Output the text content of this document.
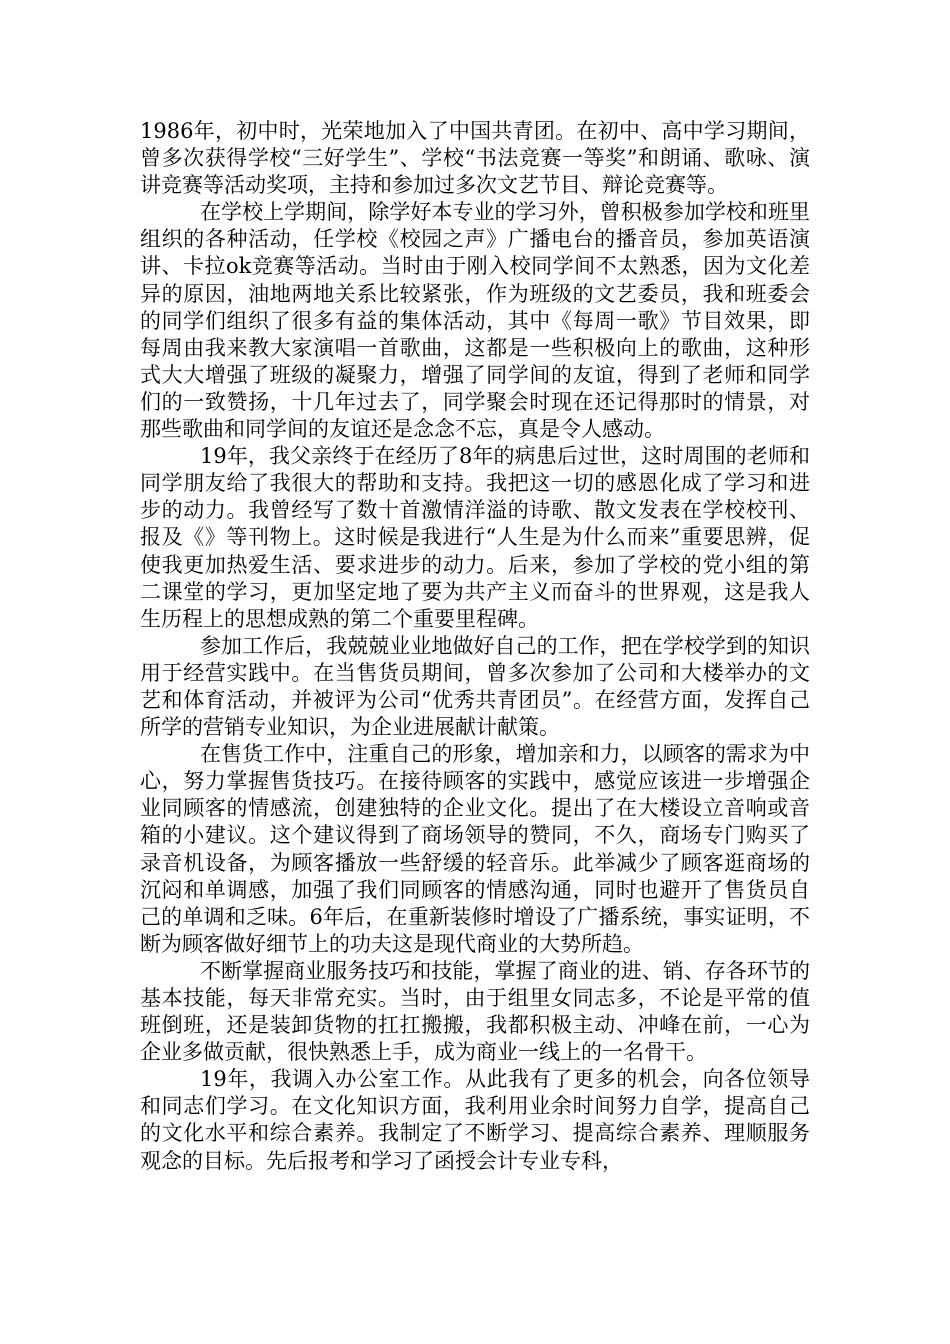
1986年，初中时，光荣地加入了中国共青团。在初中、高中学习期间，曾多次获得学校“三好学生”、学校“书法竞赛一等奖”和朗诵、歌咏、演讲竞赛等活动奖项，主持和参加过多次文艺节目、辩论竞赛等。

在学校上学期间，除学好本专业的学习外，曾积极参加学校和班里组织的各种活动，任学校《校园之声》广播电台的播音员，参加英语演讲、卡拉ok竞赛等活动。当时由于刚入校同学间不太熟悉，因为文化差异的原因，油地两地关系比较紧张，作为班级的文艺委员，我和班委会的同学们组织了很多有益的集体活动，其中《每周一歌》节目效果，即每周由我来教大家演唱一首歌曲，这都是一些积极向上的歌曲，这种形式大大增强了班级的凝聚力，增强了同学间的友谊，得到了老师和同学们的一致赞扬，十几年过去了，同学聚会时现在还记得那时的情景，对那些歌曲和同学间的友谊还是念念不忘，真是令人感动。

19年，我父亲终于在经历了8年的病患后过世，这时周围的老师和同学朋友给了我很大的帮助和支持。我把这一切的感恩化成了学习和进步的动力。我曾经写了数十首激情洋溢的诗歌、散文发表在学校校刊、报及《》等刊物上。这时候是我进行“人生是为什么而来”重要思辨，促使我更加热爱生活、要求进步的动力。后来，参加了学校的党小组的第二课堂的学习，更加坚定地了要为共产主义而奋斗的世界观，这是我人生历程上的思想成熟的第二个重要里程碑。

参加工作后，我兢兢业业地做好自己的工作，把在学校学到的知识用于经营实践中。在当售货员期间，曾多次参加了公司和大楼举办的文艺和体育活动，并被评为公司“优秀共青团员”。在经营方面，发挥自己所学的营销专业知识，为企业进展献计献策。

在售货工作中，注重自己的形象，增加亲和力，以顾客的需求为中心，努力掌握售货技巧。在接待顾客的实践中，感觉应该进一步增强企业同顾客的情感流，创建独特的企业文化。提出了在大楼设立音响或音箱的小建议。这个建议得到了商场领导的赞同，不久，商场专门购买了录音机设备，为顾客播放一些舒缓的轻音乐。此举减少了顾客逛商场的沉闷和单调感，加强了我们同顾客的情感沟通，同时也避开了售货员自己的单调和乏味。6年后，在重新装修时增设了广播系统，事实证明，不断为顾客做好细节上的功夫这是现代商业的大势所趋。

不断掌握商业服务技巧和技能，掌握了商业的进、销、存各环节的基本技能，每天非常充实。当时，由于组里女同志多，不论是平常的值班倒班，还是装卸货物的扛扛搬搬，我都积极主动、冲峰在前，一心为企业多做贡献，很快熟悉上手，成为商业一线上的一名骨干。

19年，我调入办公室工作。从此我有了更多的机会，向各位领导和同志们学习。在文化知识方面，我利用业余时间努力自学，提高自己的文化水平和综合素养。我制定了不断学习、提高综合素养、理顺服务观念的目标。先后报考和学习了函授会计专业专科，
